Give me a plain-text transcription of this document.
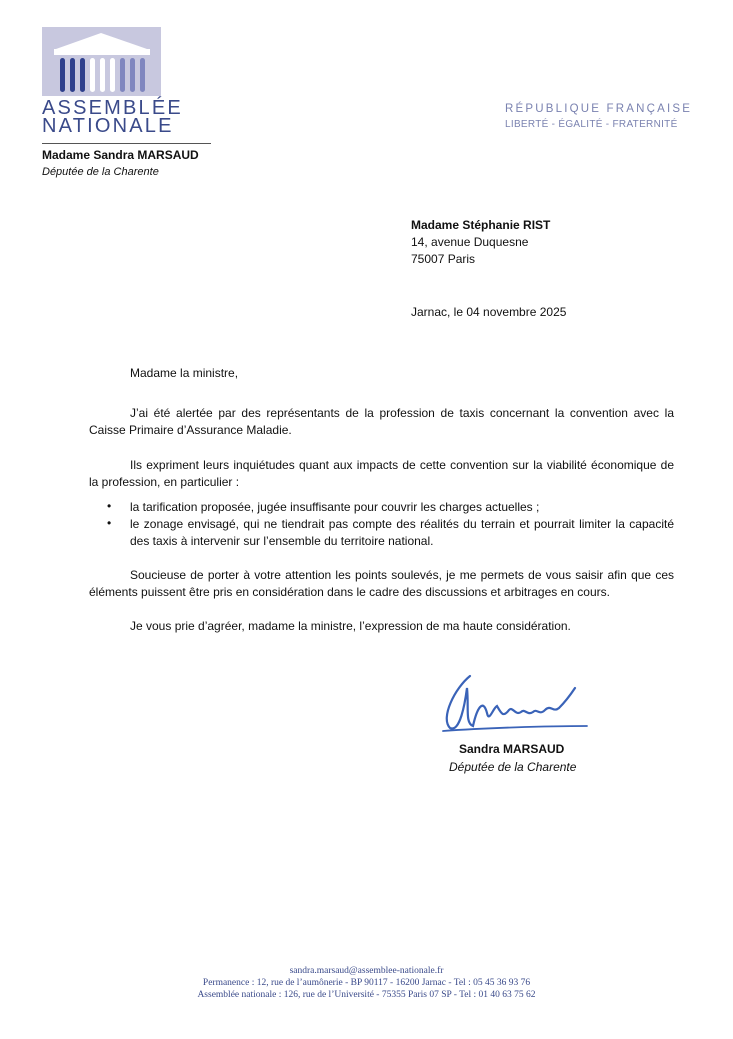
ASSEMBLÉE
NATIONALE
Madame Sandra MARSAUD
Députée de la Charente
RÉPUBLIQUE FRANÇAISE
LIBERTÉ - ÉGALITÉ - FRATERNITÉ
Madame Stéphanie RIST
14, avenue Duquesne
75007 Paris
Jarnac, le 04 novembre 2025
Madame la ministre,
J’ai été alertée par des représentants de la profession de taxis concernant la convention avec la Caisse Primaire d’Assurance Maladie.
Ils expriment leurs inquiétudes quant aux impacts de cette convention sur la viabilité économique de la profession, en particulier :
• la tarification proposée, jugée insuffisante pour couvrir les charges actuelles ;
• le zonage envisagé, qui ne tiendrait pas compte des réalités du terrain et pourrait limiter la capacité des taxis à intervenir sur l’ensemble du territoire national.
Soucieuse de porter à votre attention les points soulevés, je me permets de vous saisir afin que ces éléments puissent être pris en considération dans le cadre des discussions et arbitrages en cours.
Je vous prie d’agréer, madame la ministre, l’expression de ma haute considération.
Sandra MARSAUD
Députée de la Charente
sandra.marsaud@assemblee-nationale.fr
Permanence : 12, rue de l’aumônerie - BP 90117 - 16200 Jarnac - Tel : 05 45 36 93 76
Assemblée nationale : 126, rue de l’Université - 75355 Paris 07 SP - Tel : 01 40 63 75 62
